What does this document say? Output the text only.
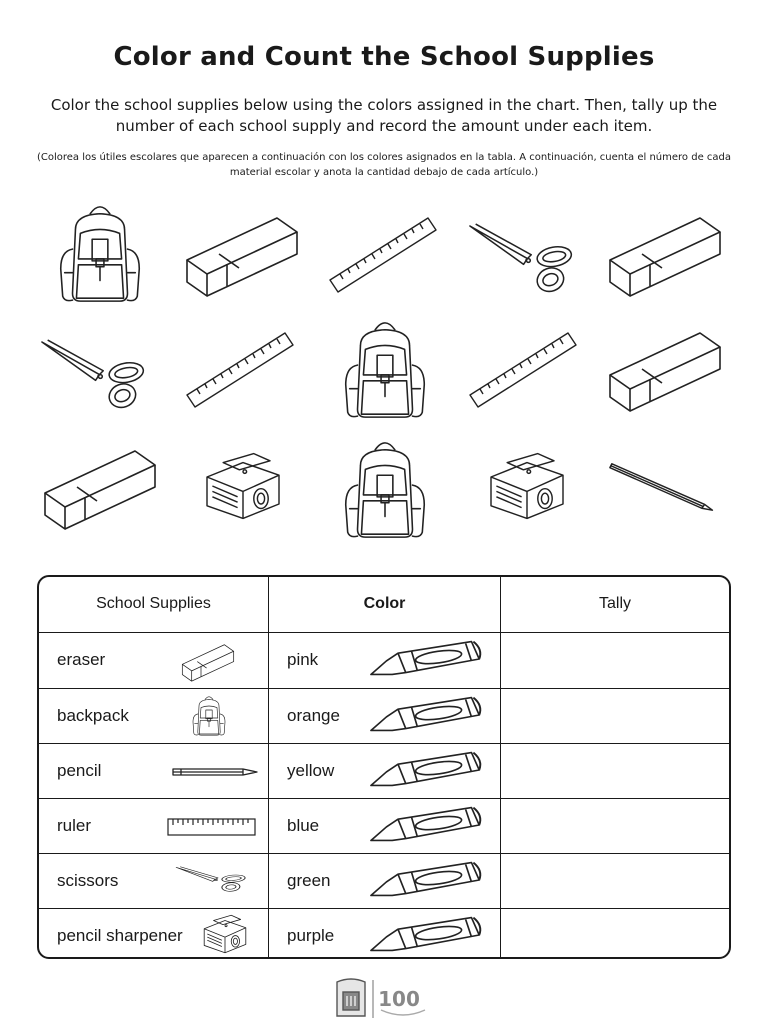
Color and Count the School Supplies
Color the school supplies below using the colors assigned in the chart. Then, tally up the number of each school supply and record the amount under each item.
(Colorea los útiles escolares que aparecen a continuación con los colores asignados en la tabla. A continuación, cuenta el número de cada material escolar y anota la cantidad debajo de cada artículo.)
School Supplies	Color	Tally
eraser	pink
backpack	orange
pencil	yellow
ruler	blue
scissors	green
pencil sharpener	purple
100
